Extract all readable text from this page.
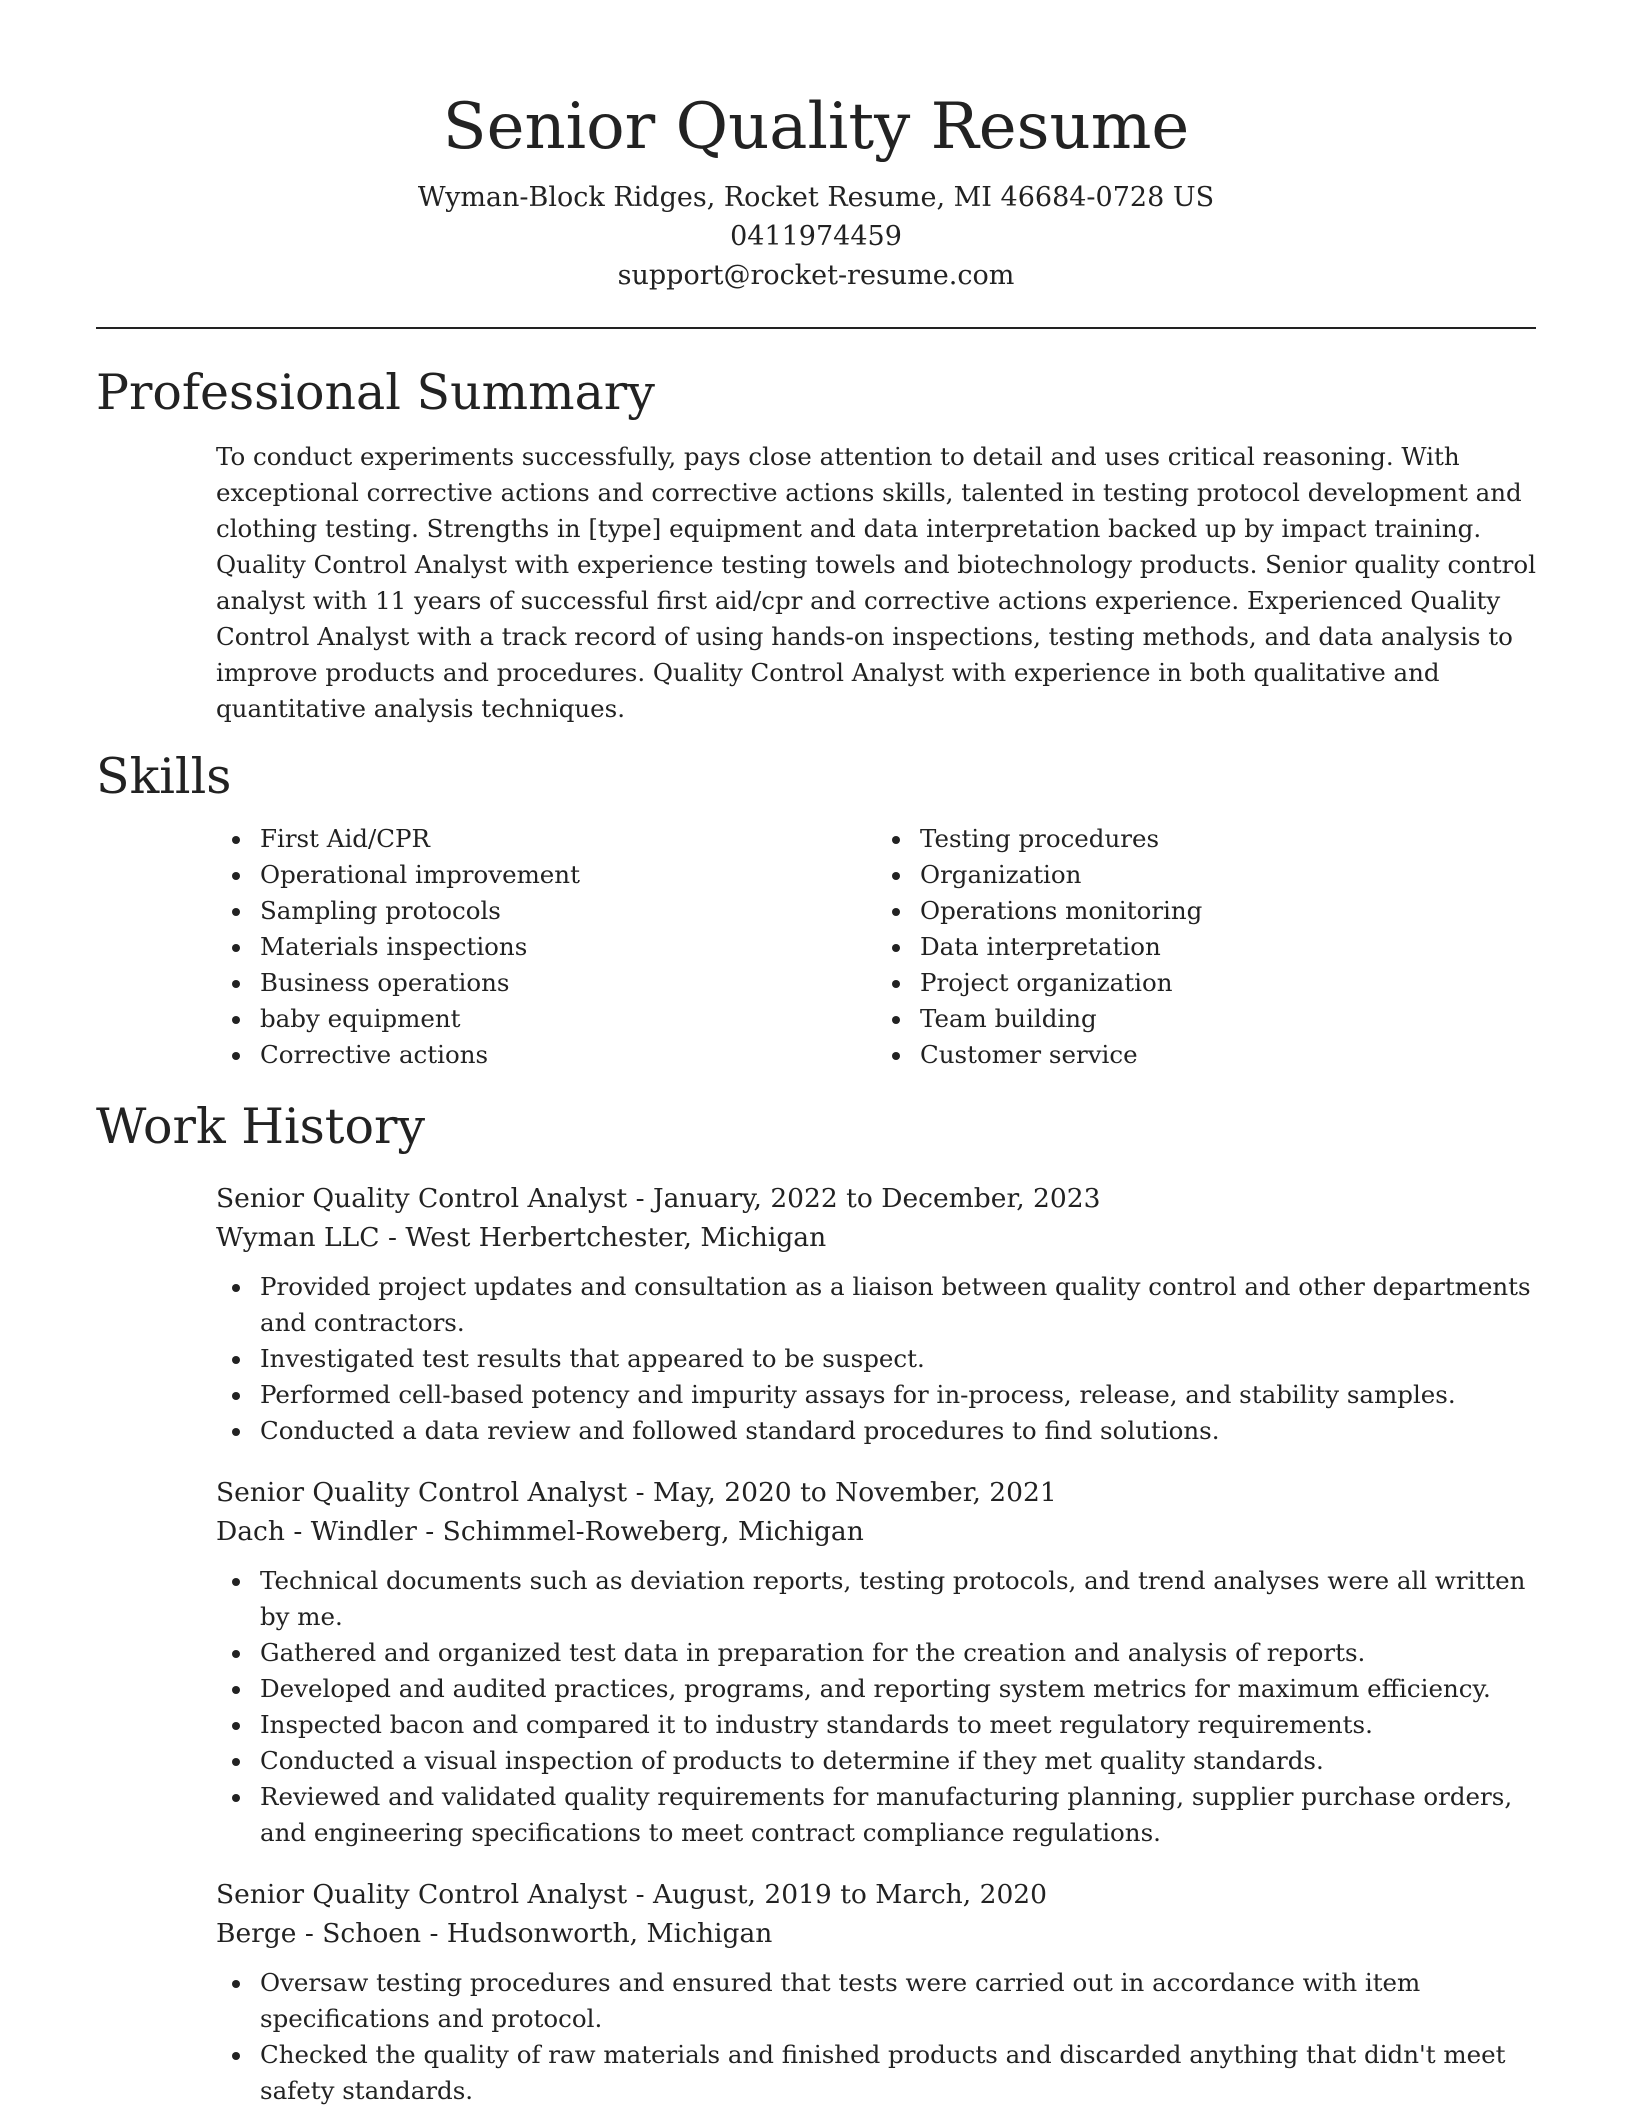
Senior Quality Resume

Wyman-Block Ridges, Rocket Resume, MI 46684-0728 US

0411974459

support@rocket-resume.com

Professional Summary

To conduct experiments successfully, pays close attention to detail and uses critical reasoning. With exceptional corrective actions and corrective actions skills, talented in testing protocol development and clothing testing. Strengths in [type] equipment and data interpretation backed up by impact training. Quality Control Analyst with experience testing towels and biotechnology products. Senior quality control analyst with 11 years of successful first aid/cpr and corrective actions experience. Experienced Quality Control Analyst with a track record of using hands-on inspections, testing methods, and data analysis to improve products and procedures. Quality Control Analyst with experience in both qualitative and quantitative analysis techniques.

Skills
First Aid/CPR
Operational improvement
Sampling protocols
Materials inspections
Business operations
baby equipment
Corrective actions
Testing procedures
Organization
Operations monitoring
Data interpretation
Project organization
Team building
Customer service
Work History

Senior Quality Control Analyst - January, 2022 to December, 2023

Wyman LLC - West Herbertchester, Michigan

Provided project updates and consultation as a liaison between quality control and other departments and contractors.
Investigated test results that appeared to be suspect.
Performed cell-based potency and impurity assays for in-process, release, and stability samples.
Conducted a data review and followed standard procedures to find solutions.

Senior Quality Control Analyst - May, 2020 to November, 2021

Dach - Windler - Schimmel-Roweberg, Michigan

Technical documents such as deviation reports, testing protocols, and trend analyses were all written by me.
Gathered and organized test data in preparation for the creation and analysis of reports.
Developed and audited practices, programs, and reporting system metrics for maximum efficiency.
Inspected bacon and compared it to industry standards to meet regulatory requirements.
Conducted a visual inspection of products to determine if they met quality standards.
Reviewed and validated quality requirements for manufacturing planning, supplier purchase orders, and engineering specifications to meet contract compliance regulations.

Senior Quality Control Analyst - August, 2019 to March, 2020

Berge - Schoen - Hudsonworth, Michigan

Oversaw testing procedures and ensured that tests were carried out in accordance with item specifications and protocol.
Checked the quality of raw materials and finished products and discarded anything that didn't meet safety standards.
